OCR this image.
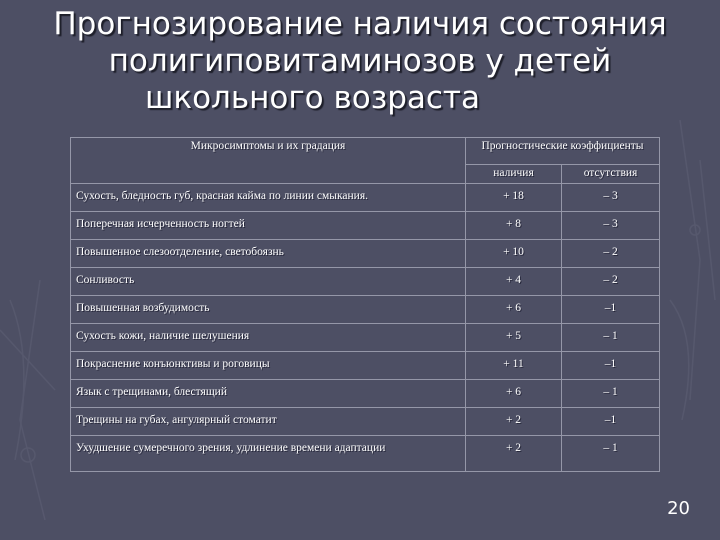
Прогнозирование наличия состояния
полигиповитаминозов у детей
школьного возраста
Микросимптомы и их градация	Прогностические коэффициенты	
	наличия	отсутствия
Сухость, бледность губ, красная кайма по линии смыкания.	+ 18	– 3
Поперечная исчерченность ногтей	+ 8	– 3
Повышенное слезоотделение, светобоязнь	+ 10	– 2
Сонливость	+ 4	– 2
Повышенная возбудимость	+ 6	–1
Сухость кожи, наличие шелушения	+ 5	– 1
Покраснение конъюнктивы и роговицы	+ 11	–1
Язык с трещинами, блестящий	+ 6	– 1
Трещины на губах, ангулярный стоматит	+ 2	–1
Ухудшение сумеречного зрения, удлинение времени адаптации	+ 2	– 1
20
